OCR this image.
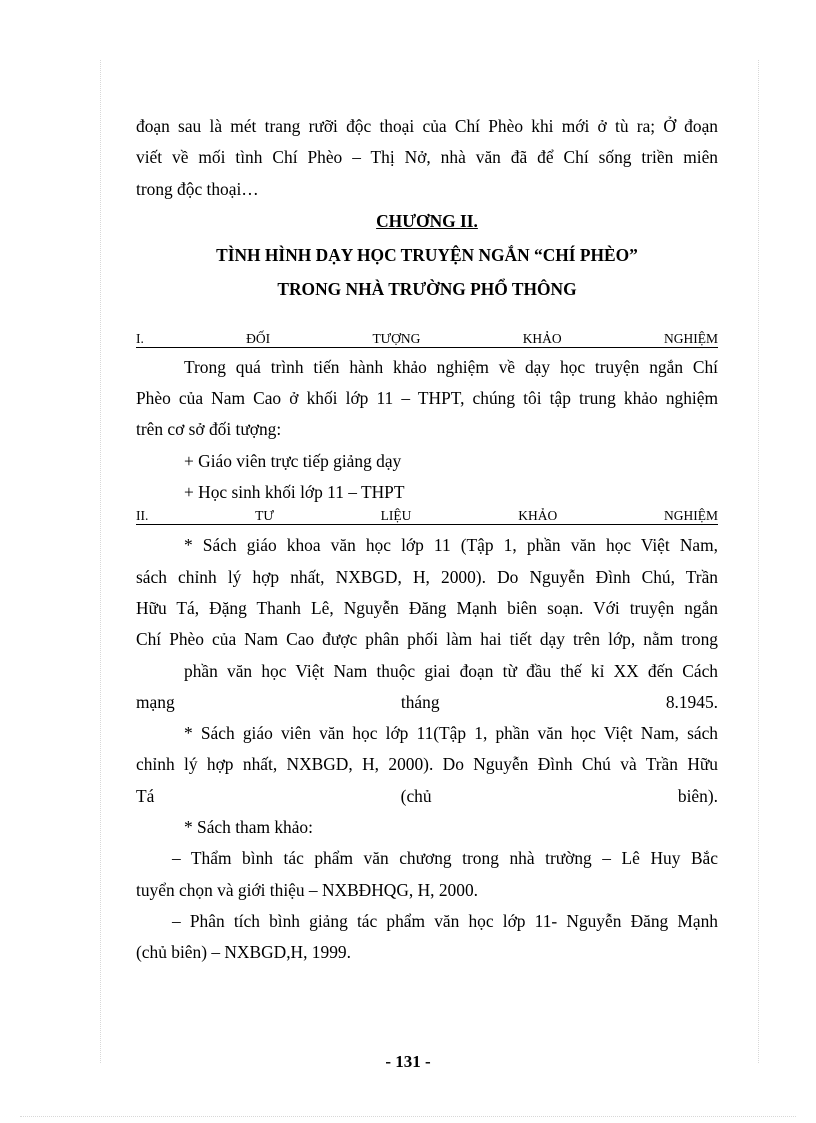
đoạn sau là mét trang rưỡi độc thoại của Chí Phèo khi mới ở tù ra; Ở đoạn

viết về mối tình Chí Phèo – Thị Nở, nhà văn đã để Chí sống triền miên

trong độc thoại…

CHƯƠNG II.
TÌNH HÌNH DẠY HỌC TRUYỆN NGẮN “CHÍ PHÈO”
TRONG NHÀ TRƯỜNG PHỔ THÔNG
I.	ĐỐI	TƯỢNG	KHẢO	NGHIỆM

Trong quá trình tiến hành khảo nghiệm về dạy học truyện ngắn Chí

Phèo của Nam Cao ở khối lớp 11 – THPT, chúng tôi tập trung khảo nghiệm

trên cơ sở đối tượng:

+ Giáo viên trực tiếp giảng dạy

+ Học sinh khối lớp 11 – THPT

II.	TƯ	LIỆU	KHẢO	NGHIỆM

* Sách giáo khoa văn học lớp 11 (Tập 1, phần văn học Việt Nam,

sách chỉnh lý hợp nhất, NXBGD, H, 2000). Do Nguyễn Đình Chú, Trần

Hữu Tá, Đặng Thanh Lê, Nguyễn Đăng Mạnh biên soạn. Với truyện ngắn

Chí Phèo của Nam Cao được phân phối làm hai tiết dạy trên lớp, nằm trong

phần văn học Việt Nam thuộc giai đoạn từ đầu thế kỉ XX đến Cách

mạng	tháng	8.1945.

* Sách giáo viên văn học lớp 11(Tập 1, phần văn học Việt Nam, sách

chỉnh lý hợp nhất, NXBGD, H, 2000). Do Nguyễn Đình Chú và Trần Hữu

Tá	(chủ	biên).

* Sách tham khảo:

– Thẩm bình tác phẩm văn chương trong nhà trường – Lê Huy Bắc

tuyển chọn và giới thiệu – NXBĐHQG, H, 2000.

– Phân tích bình giảng tác phẩm văn học lớp 11- Nguyễn Đăng Mạnh

(chủ biên) – NXBGD,H, 1999.

- 131 -
